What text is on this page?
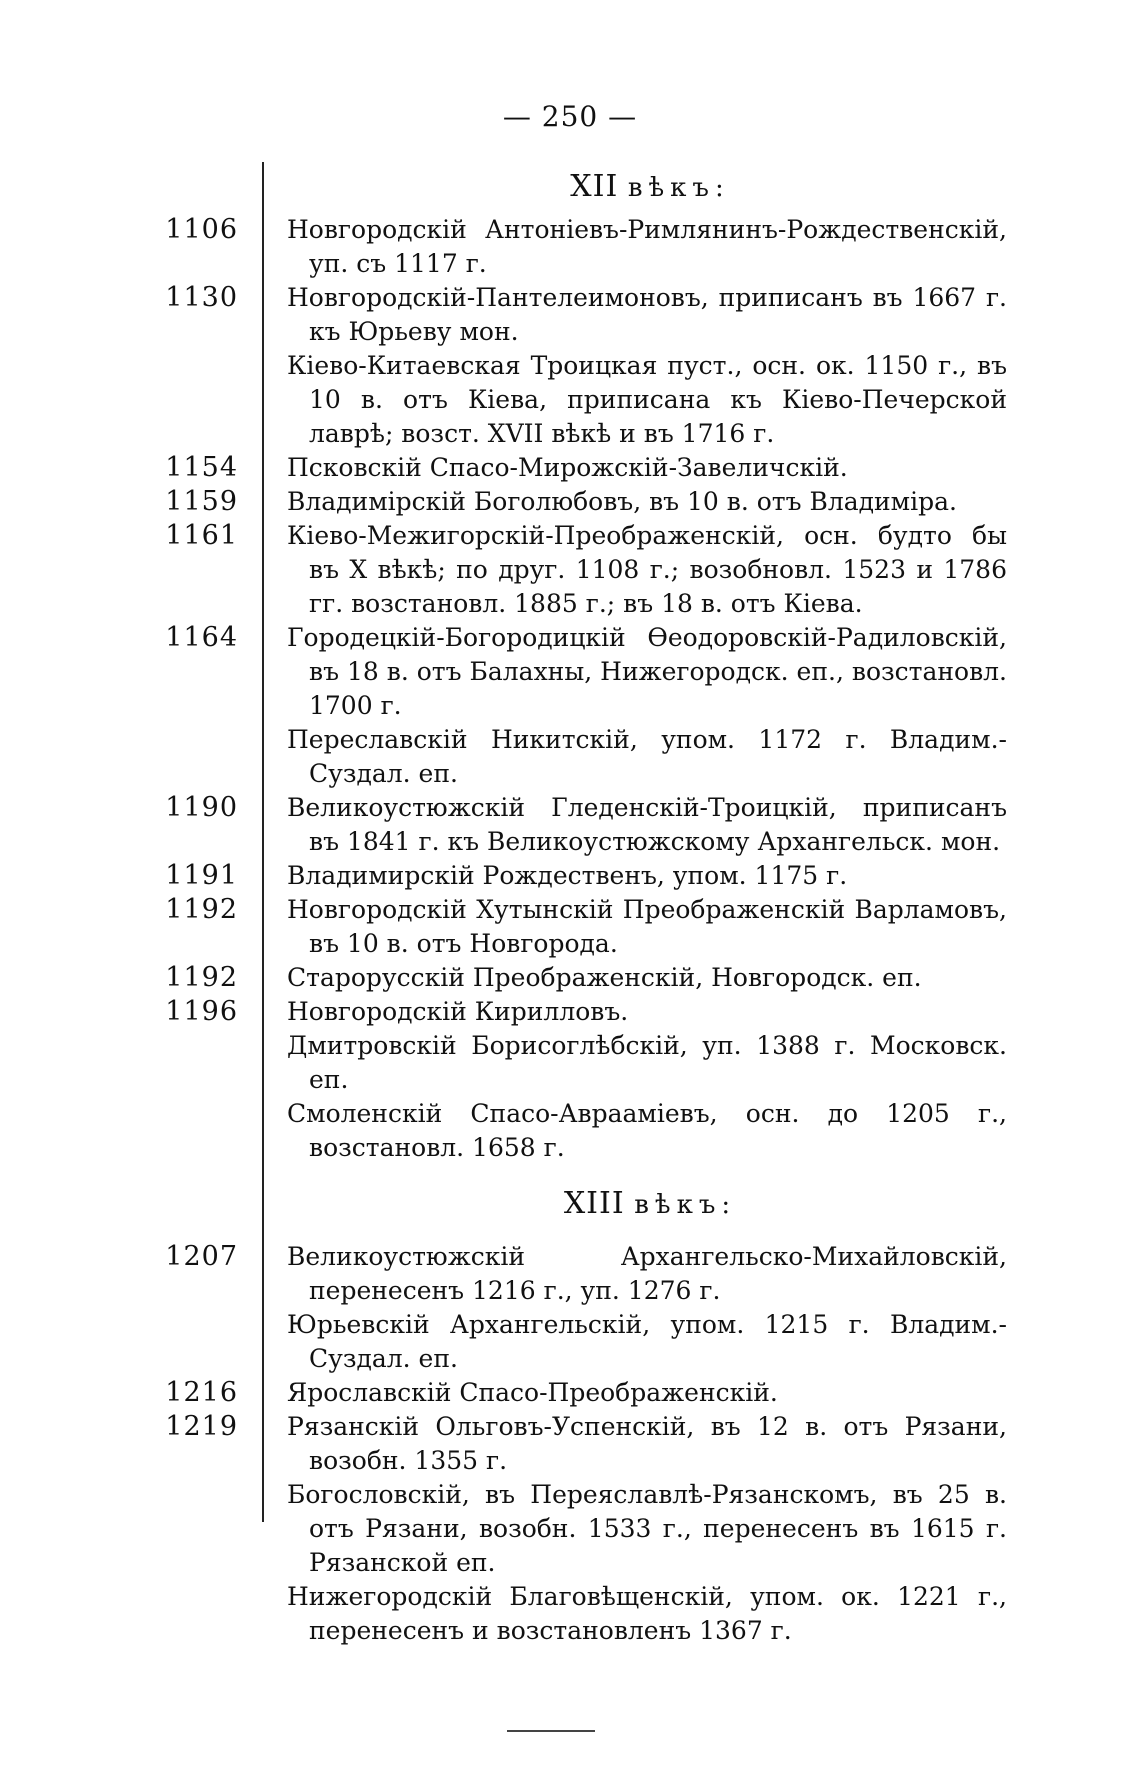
— 250 —
XII вѣкъ:
1106	Новгородскій Антоніевъ-Римлянинъ-Рождественскій, уп. съ 1117 г.
1130	Новгородскій-Пантелеимоновъ, приписанъ въ 1667 г. къ Юрьеву мон.
Кіево-Китаевская Троицкая пуст., осн. ок. 1150 г., въ 10 в. отъ Кіева, приписана къ Кіево-Печерской лаврѣ; возст. XVII вѣкѣ и въ 1716 г.
1154	Псковскій Спасо-Мирожскій-Завеличскій.
1159	Владимірскій Боголюбовъ, въ 10 в. отъ Владиміра.
1161	Кіево-Межигорскій-Преображенскій, осн. будто бы въ X вѣкѣ; по друг. 1108 г.; возобновл. 1523 и 1786 гг. возстановл. 1885 г.; въ 18 в. отъ Кіева.
1164	Городецкій-Богородицкій Өеодоровскій-Радиловскій, въ 18 в. отъ Балахны, Нижегородск. еп., возстановл. 1700 г.
Переславскій Никитскій, упом. 1172 г. Владим.-Суздал. еп.
1190	Великоустюжскій Гледенскій-Троицкій, приписанъ въ 1841 г. къ Великоустюжскому Архангельск. мон.
1191	Владимирскій Рождественъ, упом. 1175 г.
1192	Новгородскій Хутынскій Преображенскій Варламовъ, въ 10 в. отъ Новгорода.
1192	Старорусскій Преображенскій, Новгородск. еп.
1196	Новгородскій Кирилловъ.
Дмитровскій Борисоглѣбскій, уп. 1388 г. Московск. еп.
Смоленскій Спасо-Авраамiевъ, осн. до 1205 г., возстановл. 1658 г.
XIII вѣкъ:
1207	Великоустюжскій Архангельско-Михайловскій, перенесенъ 1216 г., уп. 1276 г.
Юрьевскій Архангельскій, упом. 1215 г. Владим.-Суздал. еп.
1216	Ярославскій Спасо-Преображенскій.
1219	Рязанскій Ольговъ-Успенскій, въ 12 в. отъ Рязани, возобн. 1355 г.
Богословскій, въ Переяславлѣ-Рязанскомъ, въ 25 в. отъ Рязани, возобн. 1533 г., перенесенъ въ 1615 г. Рязанской еп.
Нижегородскій Благовѣщенскій, упом. ок. 1221 г., перенесенъ и возстановленъ 1367 г.
